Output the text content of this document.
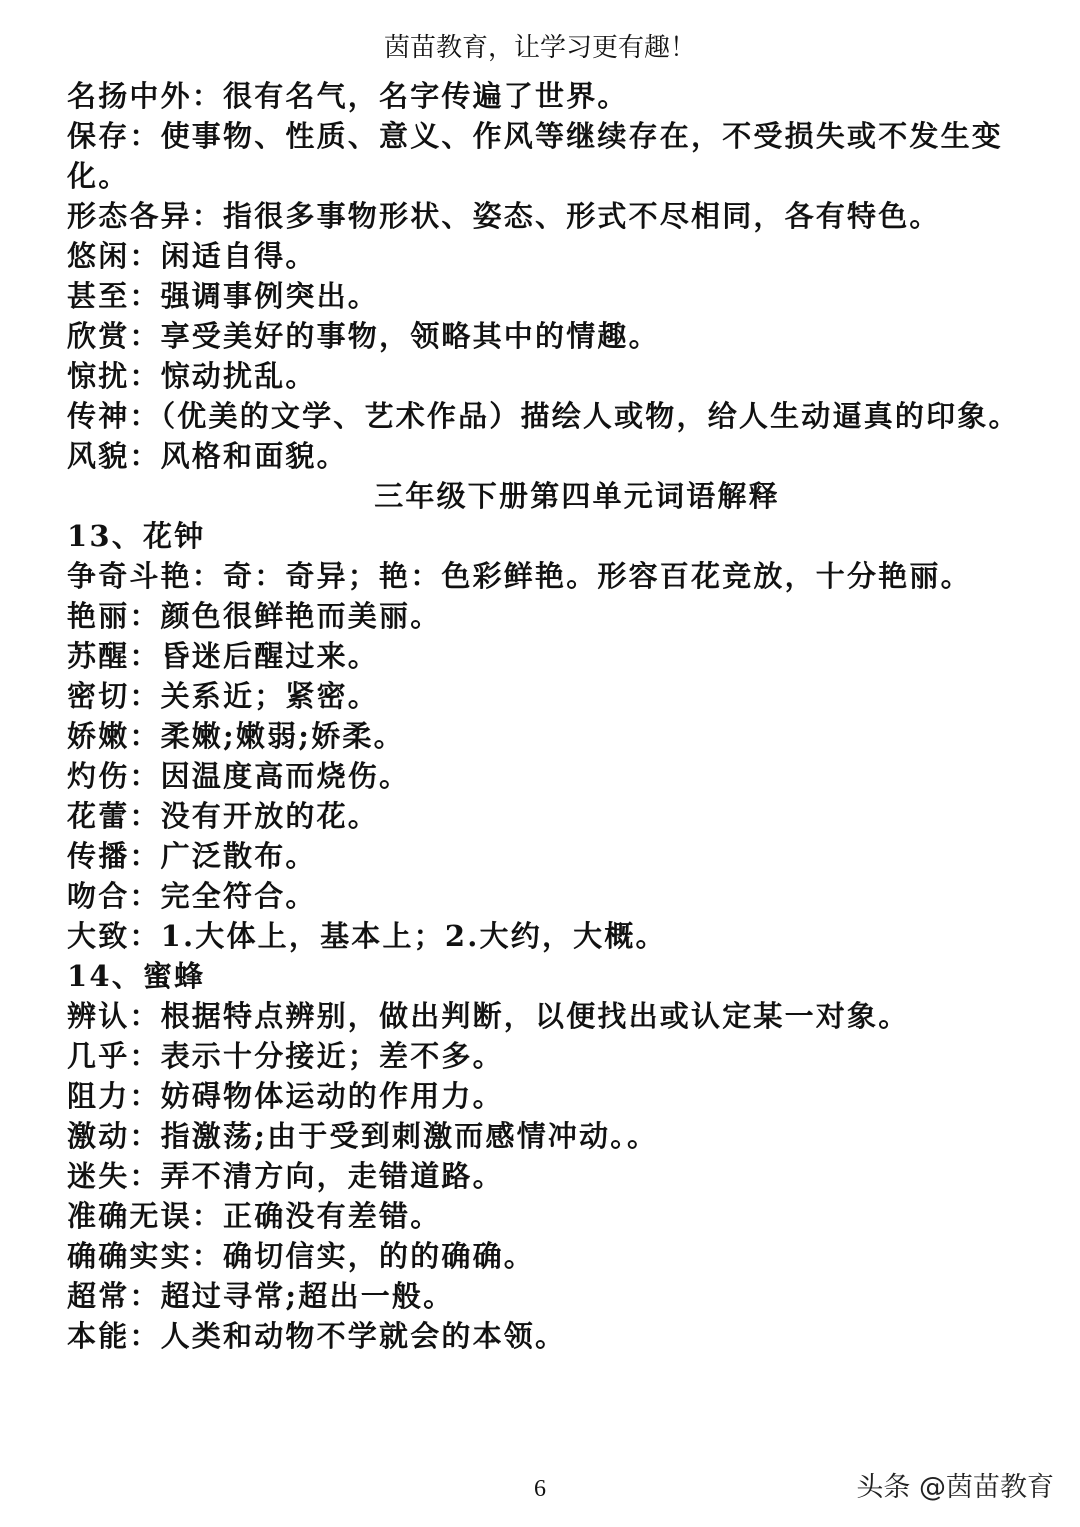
茵苗教育，让学习更有趣！
名扬中外：很有名气，名字传遍了世界。
保存：使事物、性质、意义、作风等继续存在，不受损失或不发生变化。
形态各异：指很多事物形状、姿态、形式不尽相同，各有特色。
悠闲：闲适自得。
甚至：强调事例突出。
欣赏：享受美好的事物，领略其中的情趣。
惊扰：惊动扰乱。
传神：（优美的文学、艺术作品）描绘人或物，给人生动逼真的印象。
风貌：风格和面貌。
三年级下册第四单元词语解释
13、花钟
争奇斗艳：奇：奇异；艳：色彩鲜艳。形容百花竞放，十分艳丽。
艳丽：颜色很鲜艳而美丽。
苏醒：昏迷后醒过来。
密切：关系近；紧密。
娇嫩：柔嫩;嫩弱;娇柔。
灼伤：因温度高而烧伤。
花蕾：没有开放的花。
传播：广泛散布。
吻合：完全符合。
大致：1.大体上，基本上；2.大约，大概。
14、蜜蜂
辨认：根据特点辨别，做出判断，以便找出或认定某一对象。
几乎：表示十分接近；差不多。
阻力：妨碍物体运动的作用力。
激动：指激荡;由于受到刺激而感情冲动。。
迷失：弄不清方向，走错道路。
准确无误：正确没有差错。
确确实实：确切信实，的的确确。
超常：超过寻常;超出一般。
本能：人类和动物不学就会的本领。
6	头条 @茵苗教育
